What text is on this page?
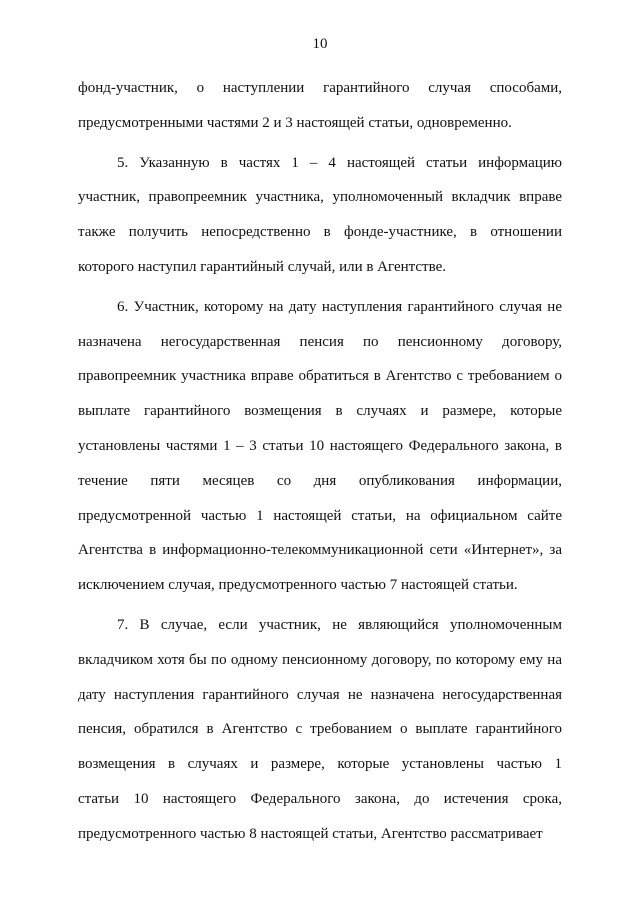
10
фонд-участник, о наступлении гарантийного случая способами,
предусмотренными частями 2 и 3 настоящей статьи, одновременно.
5. Указанную в частях 1 – 4 настоящей статьи информацию
участник, правопреемник участника, уполномоченный вкладчик вправе
также получить непосредственно в фонде-участнике, в отношении
которого наступил гарантийный случай, или в Агентстве.
6. Участник, которому на дату наступления гарантийного случая не
назначена негосударственная пенсия по пенсионному договору,
правопреемник участника вправе обратиться в Агентство с требованием о
выплате гарантийного возмещения в случаях и размере, которые
установлены частями 1 – 3 статьи 10 настоящего Федерального закона, в
течение пяти месяцев со дня опубликования информации,
предусмотренной частью 1 настоящей статьи, на официальном сайте
Агентства в информационно-телекоммуникационной сети «Интернет», за
исключением случая, предусмотренного частью 7 настоящей статьи.
7. В случае, если участник, не являющийся уполномоченным
вкладчиком хотя бы по одному пенсионному договору, по которому ему на
дату наступления гарантийного случая не назначена негосударственная
пенсия, обратился в Агентство с требованием о выплате гарантийного
возмещения в случаях и размере, которые установлены частью 1
статьи 10 настоящего Федерального закона, до истечения срока,
предусмотренного частью 8 настоящей статьи, Агентство рассматривает
